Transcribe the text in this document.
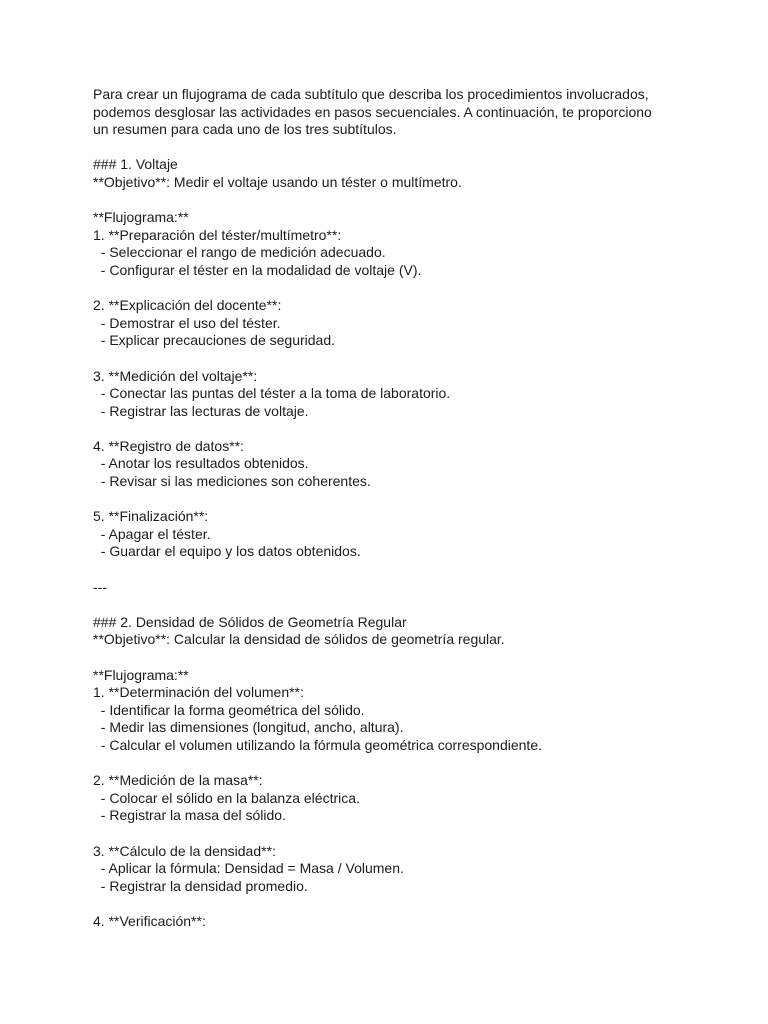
Para crear un flujograma de cada subtítulo que describa los procedimientos involucrados,
podemos desglosar las actividades en pasos secuenciales. A continuación, te proporciono
un resumen para cada uno de los tres subtítulos.
### 1. Voltaje
**Objetivo**: Medir el voltaje usando un téster o multímetro.
**Flujograma:**
1. **Preparación del téster/multímetro**:
- Seleccionar el rango de medición adecuado.
- Configurar el téster en la modalidad de voltaje (V).
2. **Explicación del docente**:
- Demostrar el uso del téster.
- Explicar precauciones de seguridad.
3. **Medición del voltaje**:
- Conectar las puntas del téster a la toma de laboratorio.
- Registrar las lecturas de voltaje.
4. **Registro de datos**:
- Anotar los resultados obtenidos.
- Revisar si las mediciones son coherentes.
5. **Finalización**:
- Apagar el téster.
- Guardar el equipo y los datos obtenidos.
---
### 2. Densidad de Sólidos de Geometría Regular
**Objetivo**: Calcular la densidad de sólidos de geometría regular.
**Flujograma:**
1. **Determinación del volumen**:
- Identificar la forma geométrica del sólido.
- Medir las dimensiones (longitud, ancho, altura).
- Calcular el volumen utilizando la fórmula geométrica correspondiente.
2. **Medición de la masa**:
- Colocar el sólido en la balanza eléctrica.
- Registrar la masa del sólido.
3. **Cálculo de la densidad**:
- Aplicar la fórmula: Densidad = Masa / Volumen.
- Registrar la densidad promedio.
4. **Verificación**:
